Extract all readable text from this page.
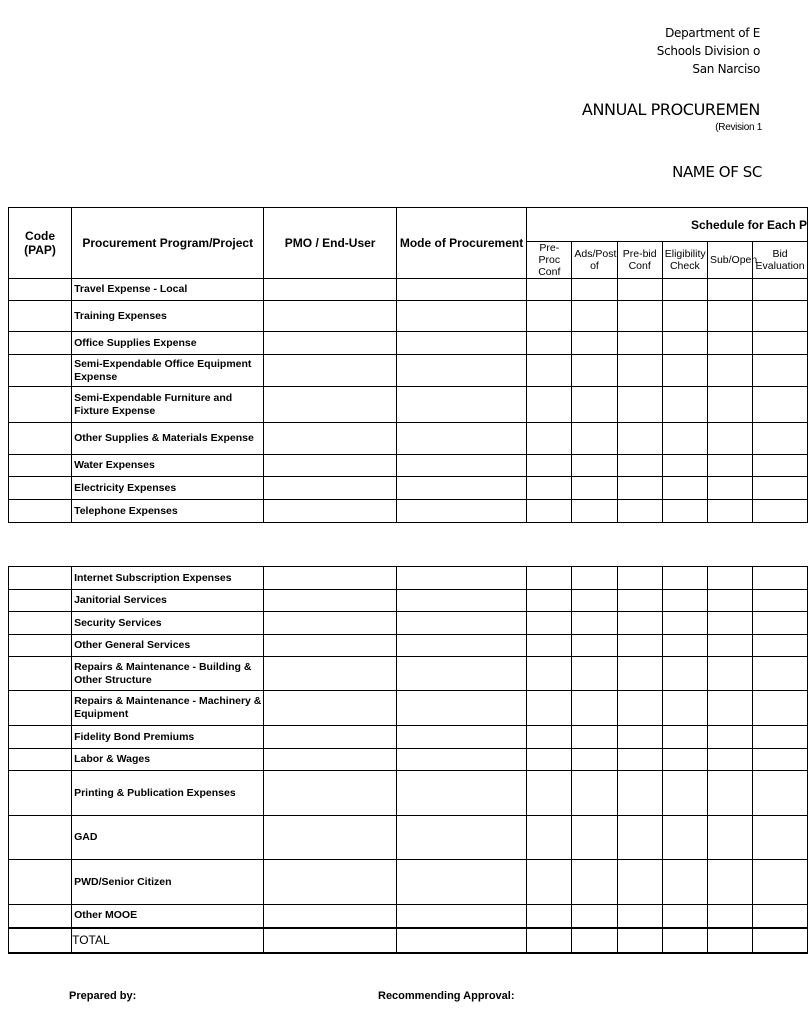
Department of E
Schools Division o
San Narciso
ANNUAL PROCUREMEN
(Revision 1
NAME OF SC
Code (PAP)	Procurement Program/Project	PMO / End-User	Mode of Procurement	Schedule for Each P					
				Pre-Proc Conf	Ads/Post of	Pre-bid Conf	Eligibility Check	Sub/Open	Bid Evaluation
	Travel Expense - Local								
	Training Expenses								
	Office Supplies Expense								
	Semi-Expendable Office Equipment Expense								
	Semi-Expendable Furniture and Fixture Expense								
	Other Supplies & Materials Expense								
	Water Expenses								
	Electricity Expenses								
	Telephone Expenses								
	Internet Subscription Expenses								
	Janitorial Services								
	Security Services								
	Other General Services								
	Repairs & Maintenance - Building & Other Structure								
	Repairs & Maintenance - Machinery & Equipment								
	Fidelity Bond Premiums								
	Labor & Wages								
	Printing & Publication Expenses								
	GAD								
	PWD/Senior Citizen								
	Other MOOE								
	TOTAL								
Prepared by:	Recommending Approval:
